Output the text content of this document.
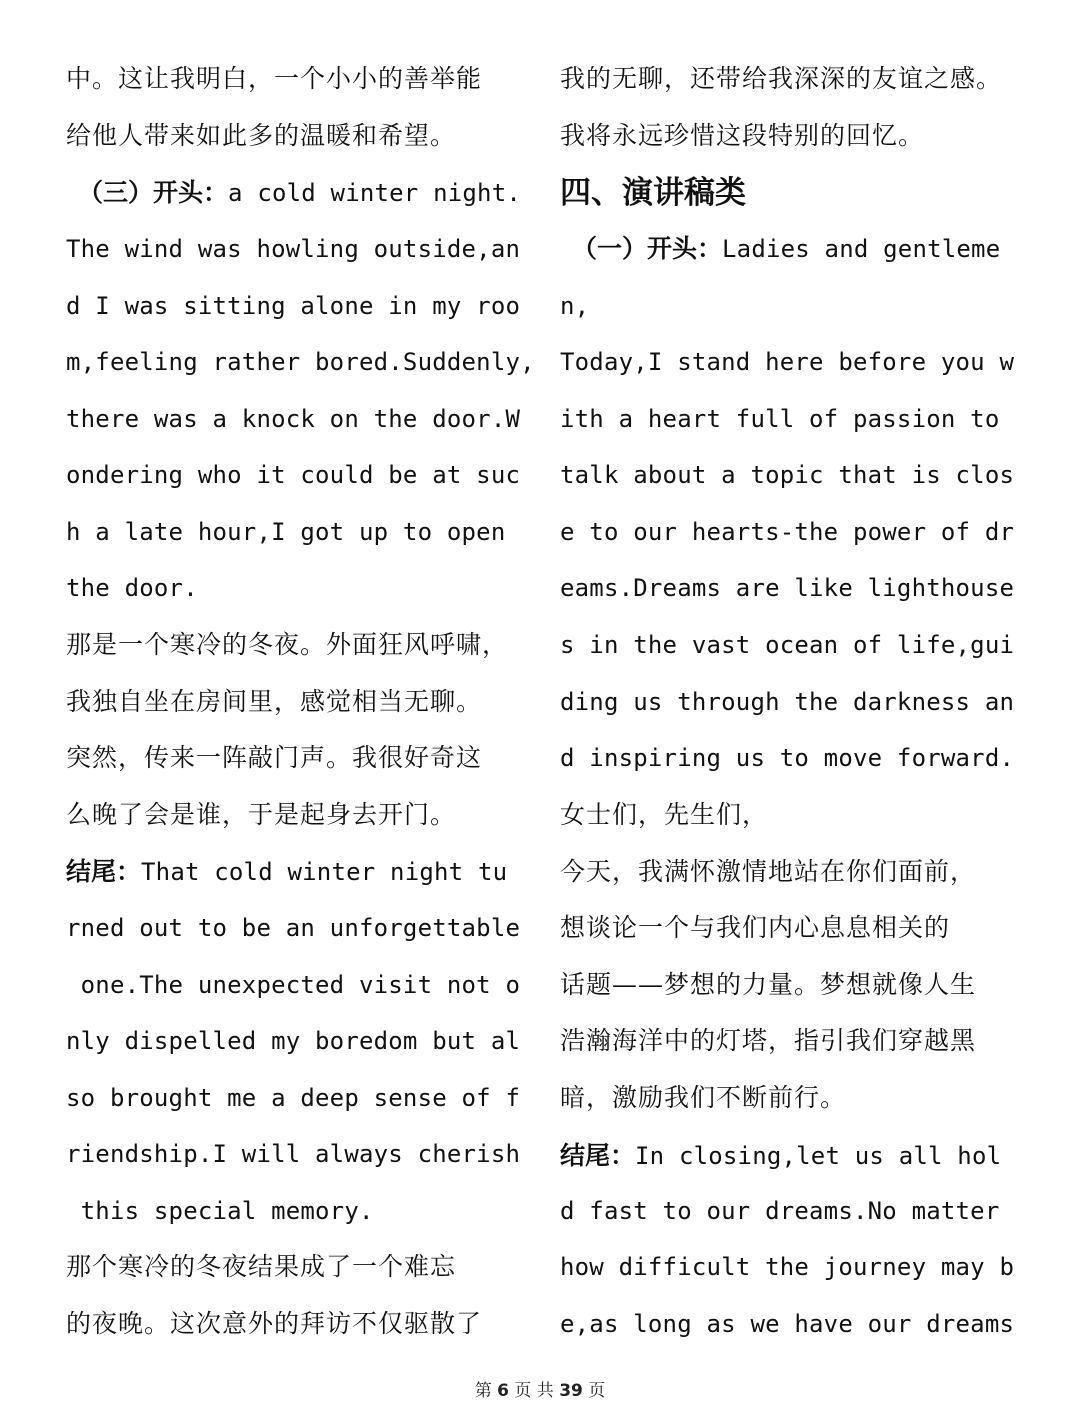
中。这让我明白，一个小小的善举能
给他人带来如此多的温暖和希望。
（三）开头：a cold winter night.
The wind was howling outside,an
d I was sitting alone in my roo
m,feeling rather bored.Suddenly,
there was a knock on the door.W
ondering who it could be at suc
h a late hour,I got up to open
the door.
那是一个寒冷的冬夜。外面狂风呼啸，
我独自坐在房间里，感觉相当无聊。
突然，传来一阵敲门声。我很好奇这
么晚了会是谁，于是起身去开门。
结尾：That cold winter night tu
rned out to be an unforgettable
one.The unexpected visit not o
nly dispelled my boredom but al
so brought me a deep sense of f
riendship.I will always cherish
this special memory.
那个寒冷的冬夜结果成了一个难忘
的夜晚。这次意外的拜访不仅驱散了
我的无聊，还带给我深深的友谊之感。
我将永远珍惜这段特别的回忆。
四、演讲稿类
（一）开头：Ladies and gentleme
n,
Today,I stand here before you w
ith a heart full of passion to
talk about a topic that is clos
e to our hearts-the power of dr
eams.Dreams are like lighthouse
s in the vast ocean of life,gui
ding us through the darkness an
d inspiring us to move forward.
女士们，先生们，
今天，我满怀激情地站在你们面前，
想谈论一个与我们内心息息相关的
话题——梦想的力量。梦想就像人生
浩瀚海洋中的灯塔，指引我们穿越黑
暗，激励我们不断前行。
结尾：In closing,let us all hol
d fast to our dreams.No matter
how difficult the journey may b
e,as long as we have our dreams
第 6 页 共 39 页
